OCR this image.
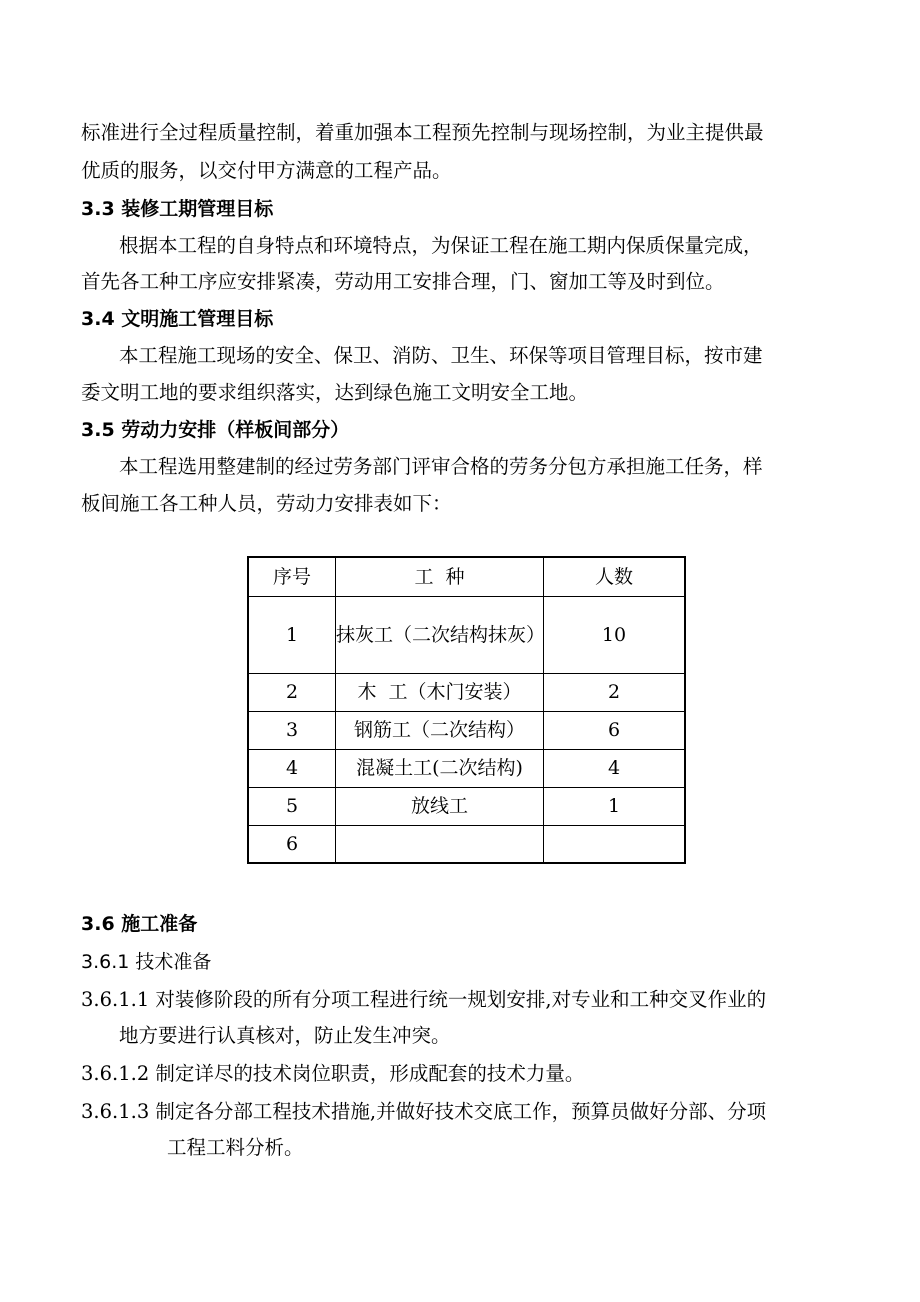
标准进行全过程质量控制，着重加强本工程预先控制与现场控制，为业主提供最
优质的服务，以交付甲方满意的工程产品。
3.3 装修工期管理目标
根据本工程的自身特点和环境特点，为保证工程在施工期内保质保量完成，
首先各工种工序应安排紧凑，劳动用工安排合理，门、窗加工等及时到位。
3.4 文明施工管理目标
本工程施工现场的安全、保卫、消防、卫生、环保等项目管理目标，按市建
委文明工地的要求组织落实，达到绿色施工文明安全工地。
3.5 劳动力安排（样板间部分）
本工程选用整建制的经过劳务部门评审合格的劳务分包方承担施工任务，样
板间施工各工种人员，劳动力安排表如下：
序号	工  种	人数
1	抹灰工（二次结构抹灰）	10
2	木  工（木门安装）	2
3	钢筋工（二次结构）	6
4	混凝土工(二次结构)	4
5	放线工	1
6		
3.6 施工准备
3.6.1 技术准备
3.6.1.1 对装修阶段的所有分项工程进行统一规划安排,对专业和工种交叉作业的
地方要进行认真核对，防止发生冲突。
3.6.1.2 制定详尽的技术岗位职责，形成配套的技术力量。
3.6.1.3 制定各分部工程技术措施,并做好技术交底工作，预算员做好分部、分项
工程工料分析。
